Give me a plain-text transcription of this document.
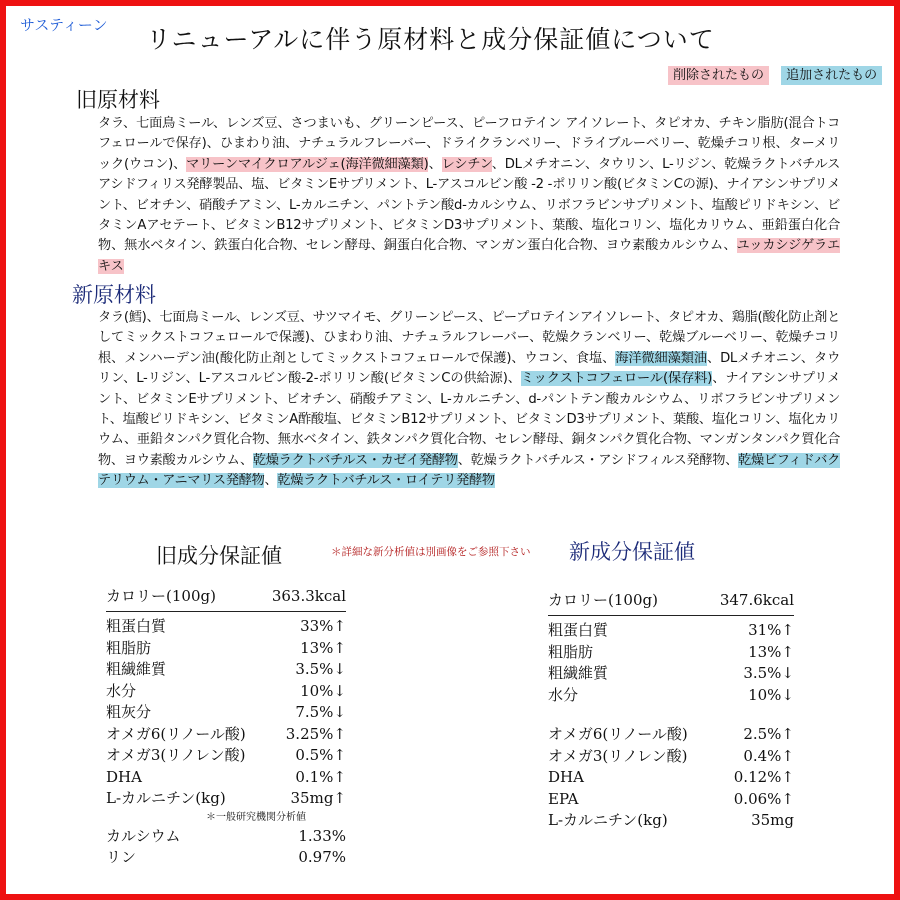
サスティーン リニューアルに伴う原材料と成分保証値について
削除されたもの 追加されたもの
旧原材料
タラ、七面鳥ミール、レンズ豆、さつまいも、グリーンピース、ピーフロテイン アイソレート、タピオカ、チキン脂肪(混合トコフェロールで保存)、ひまわり油、ナチュラルフレーバー、ドライクランベリー、ドライブルーベリー、乾燥チコリ根、ターメリック(ウコン)、マリーンマイクロアルジェ(海洋微細藻類)、レシチン、DLメチオニン、タウリン、L-リジン、乾燥ラクトバチルス アシドフィリス発酵製品、塩、ビタミンEサプリメント、L-アスコルビン酸 -2 -ポリリン酸(ビタミンCの源)、ナイアシンサプリメント、ビオチン、硝酸チアミン、L-カルニチン、パントテン酸d-カルシウム、リボフラビンサプリメント、塩酸ピリドキシン、ビタミンAアセテート、ビタミンB12サプリメント、ビタミンD3サプリメント、葉酸、塩化コリン、塩化カリウム、亜鉛蛋白化合物、無水ベタイン、鉄蛋白化合物、セレン酵母、銅蛋白化合物、マンガン蛋白化合物、ヨウ素酸カルシウム、ユッカシジゲラエキス
新原材料
タラ(鱈)、七面鳥ミール、レンズ豆、サツマイモ、グリーンピース、ピープロテインアイソレート、タピオカ、鶏脂(酸化防止剤としてミックストコフェロールで保護)、ひまわり油、ナチュラルフレーバー、乾燥クランベリー、乾燥ブルーベリー、乾燥チコリ根、メンハーデン油(酸化防止剤としてミックストコフェロールで保護)、ウコン、食塩、海洋微細藻類油、DLメチオニン、タウリン、L-リジン、L-アスコルビン酸-2-ポリリン酸(ビタミンCの供給源)、ミックストコフェロール(保存料)、ナイアシンサプリメント、ビタミンEサプリメント、ビオチン、硝酸チアミン、L-カルニチン、d-パントテン酸カルシウム、リボフラビンサプリメント、塩酸ピリドキシン、ビタミンA酢酸塩、ビタミンB12サプリメント、ビタミンD3サプリメント、葉酸、塩化コリン、塩化カリウム、亜鉛タンパク質化合物、無水ベタイン、鉄タンパク質化合物、セレン酵母、銅タンパク質化合物、マンガンタンパク質化合物、ヨウ素酸カルシウム、乾燥ラクトバチルス・カゼイ発酵物、乾燥ラクトバチルス・アシドフィルス発酵物、乾燥ビフィドバクテリウム・アニマリス発酵物、乾燥ラクトバチルス・ロイテリ発酵物
旧成分保証値	＊詳細な新分析値は別画像をご参照下さい 新成分保証値
カロリー(100g)	363.3kcal
粗蛋白質	33%↑
粗脂肪	13%↑
粗繊維質	3.5%↓
水分	10%↓
粗灰分	7.5%↓
オメガ6(リノール酸)	3.25%↑
オメガ3(リノレン酸)	0.5%↑
DHA	0.1%↑
L-カルニチン(kg)	35mg↑
＊一般研究機関分析値
カルシウム	1.33%
リン	0.97%
カロリー(100g)	347.6kcal
粗蛋白質	31%↑
粗脂肪	13%↑
粗繊維質	3.5%↓
水分	10%↓
オメガ6(リノール酸)	2.5%↑
オメガ3(リノレン酸)	0.4%↑
DHA	0.12%↑
EPA	0.06%↑
L-カルニチン(kg)	35mg
